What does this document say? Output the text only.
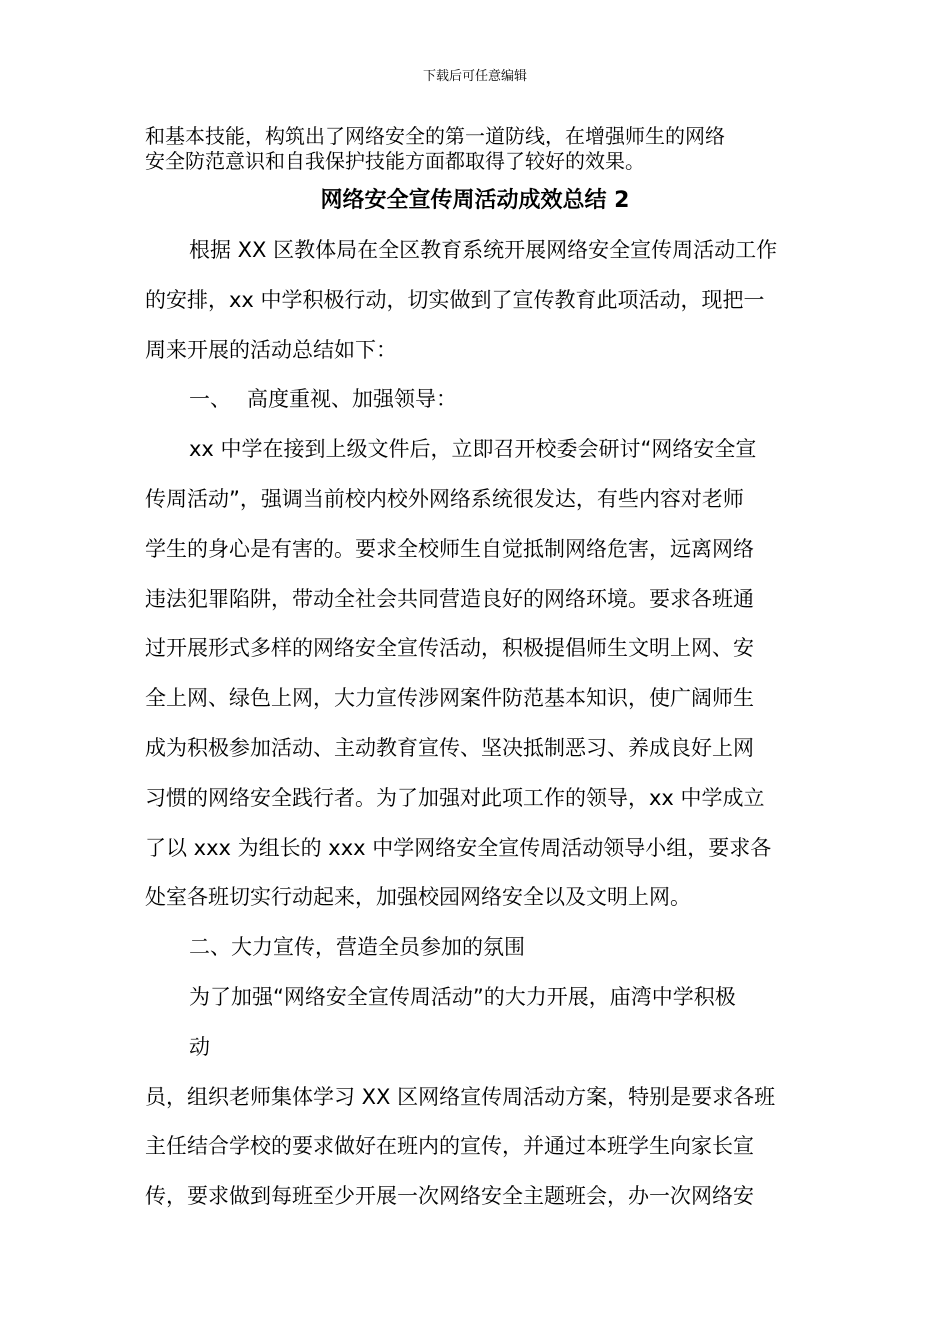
下载后可任意编辑

和基本技能，构筑出了网络安全的第一道防线，在增强师生的网络

安全防范意识和自我保护技能方面都取得了较好的效果。

网络安全宣传周活动成效总结 2
根据 XX 区教体局在全区教育系统开展网络安全宣传周活动工作
的安排，xx 中学积极行动，切实做到了宣传教育此项活动，现把一
周来开展的活动总结如下：
一、 高度重视、加强领导：
xx 中学在接到上级文件后，立即召开校委会研讨“网络安全宣
传周活动”，强调当前校内校外网络系统很发达，有些内容对老师
学生的身心是有害的。要求全校师生自觉抵制网络危害，远离网络
违法犯罪陷阱，带动全社会共同营造良好的网络环境。要求各班通
过开展形式多样的网络安全宣传活动，积极提倡师生文明上网、安
全上网、绿色上网，大力宣传涉网案件防范基本知识，使广阔师生
成为积极参加活动、主动教育宣传、坚决抵制恶习、养成良好上网
习惯的网络安全践行者。为了加强对此项工作的领导，xx 中学成立
了以 xxx 为组长的 xxx 中学网络安全宣传周活动领导小组，要求各
处室各班切实行动起来，加强校园网络安全以及文明上网。
二、大力宣传，营造全员参加的氛围
为了加强“网络安全宣传周活动”的大力开展，庙湾中学积极
动
员，组织老师集体学习 XX 区网络宣传周活动方案，特别是要求各班
主任结合学校的要求做好在班内的宣传，并通过本班学生向家长宣
传，要求做到每班至少开展一次网络安全主题班会，办一次网络安
